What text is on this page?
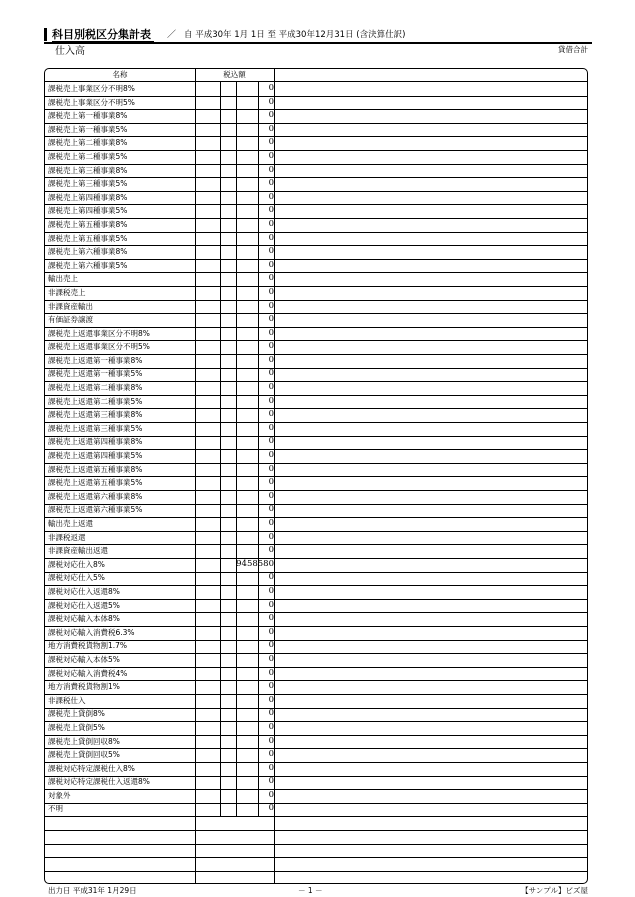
科目別税区分集計表 ／ 自 平成30年 1月 1日 至 平成30年12月31日 (含決算仕訳)
仕入高	貸借合計
名称	税込額
課税売上事業区分不明8%	0
課税売上事業区分不明5%	0
課税売上第一種事業8%	0
課税売上第一種事業5%	0
課税売上第二種事業8%	0
課税売上第二種事業5%	0
課税売上第三種事業8%	0
課税売上第三種事業5%	0
課税売上第四種事業8%	0
課税売上第四種事業5%	0
課税売上第五種事業8%	0
課税売上第五種事業5%	0
課税売上第六種事業8%	0
課税売上第六種事業5%	0
輸出売上	0
非課税売上	0
非課資産輸出	0
有価証券譲渡	0
課税売上返還事業区分不明8%	0
課税売上返還事業区分不明5%	0
課税売上返還第一種事業8%	0
課税売上返還第一種事業5%	0
課税売上返還第二種事業8%	0
課税売上返還第二種事業5%	0
課税売上返還第三種事業8%	0
課税売上返還第三種事業5%	0
課税売上返還第四種事業8%	0
課税売上返還第四種事業5%	0
課税売上返還第五種事業8%	0
課税売上返還第五種事業5%	0
課税売上返還第六種事業8%	0
課税売上返還第六種事業5%	0
輸出売上返還	0
非課税返還	0
非課資産輸出返還	0
課税対応仕入8%	9458580
課税対応仕入5%	0
課税対応仕入返還8%	0
課税対応仕入返還5%	0
課税対応輸入本体8%	0
課税対応輸入消費税6.3%	0
地方消費税貨物割1.7%	0
課税対応輸入本体5%	0
課税対応輸入消費税4%	0
地方消費税貨物割1%	0
非課税仕入	0
課税売上貸倒8%	0
課税売上貸倒5%	0
課税売上貸倒回収8%	0
課税売上貸倒回収5%	0
課税対応特定課税仕入8%	0
課税対応特定課税仕入返還8%	0
対象外	0
不明	0
出力日 平成31年 1月29日	－ 1 －	【サンプル】ビズ屋
